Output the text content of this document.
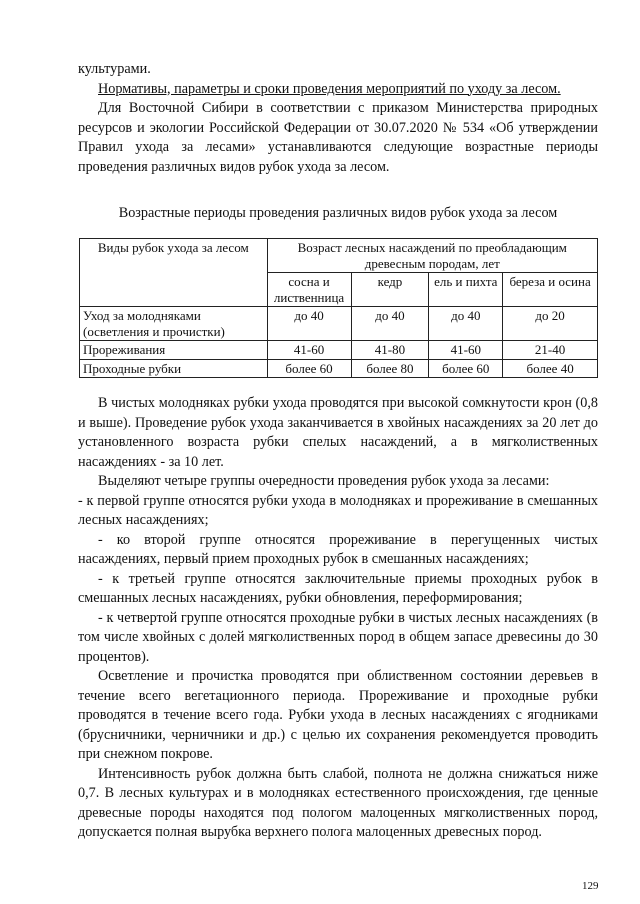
культурами.

Нормативы, параметры и сроки проведения мероприятий по уходу за лесом.

Для Восточной Сибири в соответствии с приказом Министерства природных ресурсов и экологии Российской Федерации от 30.07.2020 № 534 «Об утверждении Правил ухода за лесами» устанавливаются следующие возрастные периоды проведения различных видов рубок ухода за лесом.

Возрастные периоды проведения различных видов рубок ухода за лесом

Виды рубок ухода за лесом	Возраст лесных насаждений по преобладающим древесным породам, лет			
	сосна и лиственница	кедр	ель и пихта	береза и осина
Уход за молодняками (осветления и прочистки)	до 40	до 40	до 40	до 20
Прореживания	41-60	41-80	41-60	21-40
Проходные рубки	более 60	более 80	более 60	более 40

В чистых молодняках рубки ухода проводятся при высокой сомкнутости крон (0,8 и выше). Проведение рубок ухода заканчивается в хвойных насаждениях за 20 лет до установленного возраста рубки спелых насаждений, а в мягколиственных насаждениях - за 10 лет.

Выделяют четыре группы очередности проведения рубок ухода за лесами:

- к первой группе относятся рубки ухода в молодняках и прореживание в смешанных лесных насаждениях;

- ко второй группе относятся прореживание в перегущенных чистых насаждениях, первый прием проходных рубок в смешанных насаждениях;

- к третьей группе относятся заключительные приемы проходных рубок в смешанных лесных насаждениях, рубки обновления, переформирования;

- к четвертой группе относятся проходные рубки в чистых лесных насаждениях (в том числе хвойных с долей мягколиственных пород в общем запасе древесины до 30 процентов).

Осветление и прочистка проводятся при облиственном состоянии деревьев в течение всего вегетационного периода. Прореживание и проходные рубки проводятся в течение всего года. Рубки ухода в лесных насаждениях с ягодниками (брусничники, черничники и др.) с целью их сохранения рекомендуется проводить при снежном покрове.

Интенсивность рубок должна быть слабой, полнота не должна снижаться ниже 0,7. В лесных культурах и в молодняках естественного происхождения, где ценные древесные породы находятся под пологом малоценных мягколиственных пород, допускается полная вырубка верхнего полога малоценных древесных пород.

129
